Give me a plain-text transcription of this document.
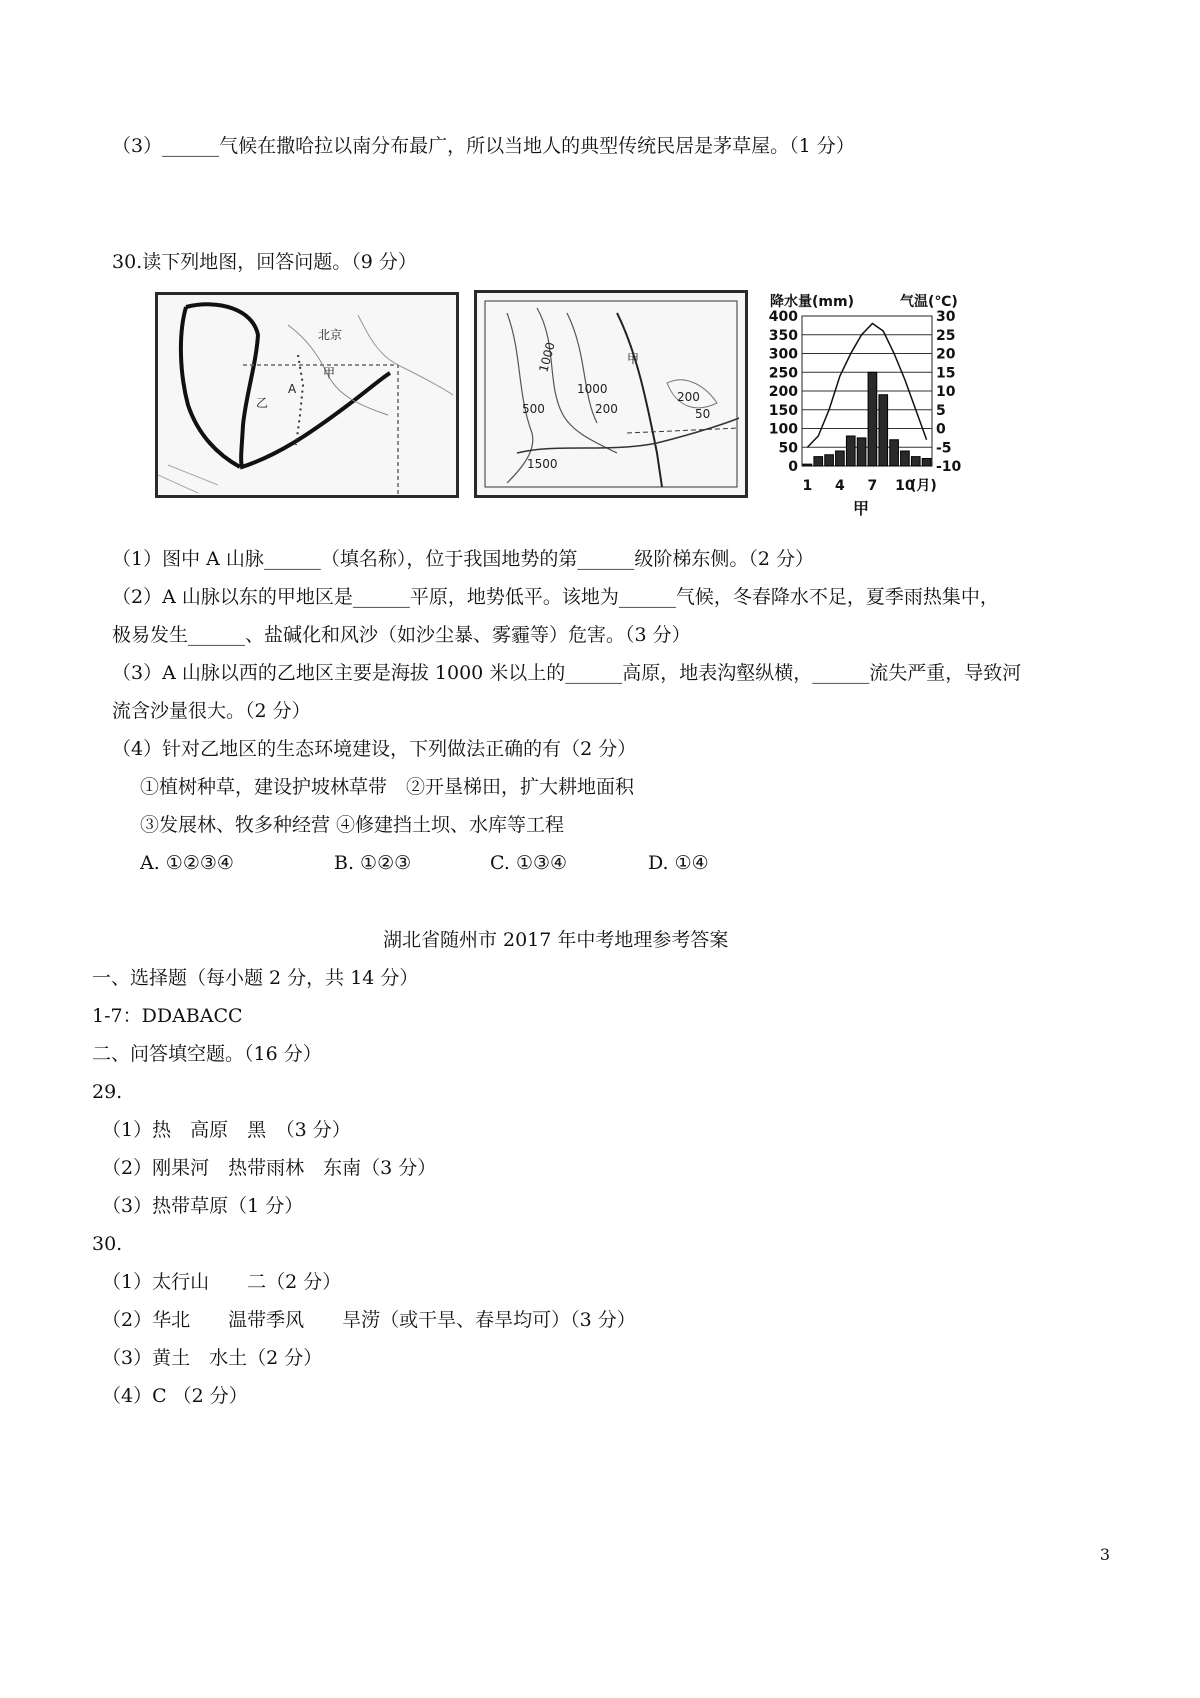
（3）______气候在撒哈拉以南分布最广，所以当地人的典型传统民居是茅草屋。（1 分）
30.读下列地图，回答问题。（9 分）
乙
A
北京
甲	1000
1000
200	50
200
1500
500
甲
降水量(mm)	气温(℃)
400
350
300
250
200
150
100
50
0
30
25
20
15
10
5
0
-5
-10
1 4 7 10
(月)
甲
（1）图中 A 山脉______（填名称），位于我国地势的第______级阶梯东侧。（2 分）
（2）A 山脉以东的甲地区是______平原，地势低平。该地为______气候，冬春降水不足，夏季雨热集中，
极易发生______、盐碱化和风沙（如沙尘暴、雾霾等）危害。（3 分）
（3）A 山脉以西的乙地区主要是海拔 1000 米以上的______高原，地表沟壑纵横，______流失严重，导致河
流含沙量很大。（2 分）
（4）针对乙地区的生态环境建设，下列做法正确的有（2 分）
①植树种草，建设护坡林草带　②开垦梯田，扩大耕地面积
③发展林、牧多种经营 ④修建挡土坝、水库等工程
A. ①②③④	B. ①②③	C. ①③④	D. ①④
湖北省随州市 2017 年中考地理参考答案
一、选择题（每小题 2 分，共 14 分）
1-7：DDABACC
二、问答填空题。（16 分）
29.
（1）热　高原　黑　（3 分）
（2）刚果河　热带雨林　东南（3 分）
（3）热带草原（1 分）
30.
（1）太行山　　二（2 分）
（2）华北　　温带季风　　旱涝（或干旱、春旱均可）（3 分）
（3）黄土　水土（2 分）
（4）C （2 分）
3
